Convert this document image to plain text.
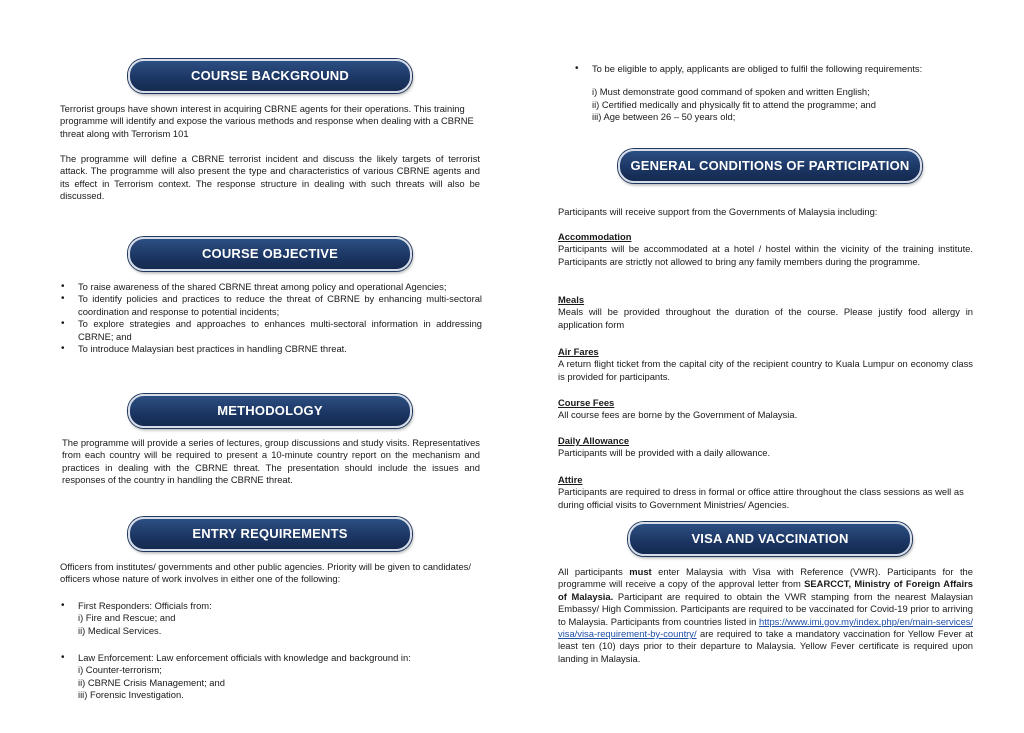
COURSE BACKGROUND

Terrorist groups have shown interest in acquiring CBRNE agents for their operations. This training programme will identify and expose the various methods and response when dealing with a CBRNE threat along with Terrorism 101

The programme will define a CBRNE terrorist incident and discuss the likely targets of terrorist attack. The programme will also present the type and characteristics of various CBRNE agents and its effect in Terrorism context. The response structure in dealing with such threats will also be discussed.

COURSE OBJECTIVE
• To raise awareness of the shared CBRNE threat among policy and operational Agencies;
• To identify policies and practices to reduce the threat of CBRNE by enhancing multi-sectoral coordination and response to potential incidents;
• To explore strategies and approaches to enhances multi-sectoral information in addressing CBRNE; and
• To introduce Malaysian best practices in handling CBRNE threat.
METHODOLOGY

The programme will provide a series of lectures, group discussions and study visits. Representatives from each country will be required to present a 10-minute country report on the mechanism and practices in dealing with the CBRNE threat. The presentation should include the issues and responses of the country in handling the CBRNE threat.

ENTRY REQUIREMENTS

Officers from institutes/ governments and other public agencies. Priority will be given to candidates/ officers whose nature of work involves in either one of the following:

• First Responders: Officials from:
i) Fire and Rescue; and
ii) Medical Services.
• Law Enforcement: Law enforcement officials with knowledge and background in:
i) Counter-terrorism;
ii) CBRNE Crisis Management; and
iii) Forensic Investigation.
• To be eligible to apply, applicants are obliged to fulfil the following requirements:
i) Must demonstrate good command of spoken and written English;
ii) Certified medically and physically fit to attend the programme; and
iii) Age between 26 – 50 years old;
GENERAL CONDITIONS OF PARTICIPATION

Participants will receive support from the Governments of Malaysia including:

Accommodation
Participants will be accommodated at a hotel / hostel within the vicinity of the training institute. Participants are strictly not allowed to bring any family members during the programme.
Meals
Meals will be provided throughout the duration of the course. Please justify food allergy in application form
Air Fares
A return flight ticket from the capital city of the recipient country to Kuala Lumpur on economy class is provided for participants.
Course Fees
All course fees are borne by the Government of Malaysia.
Daily Allowance
Participants will be provided with a daily allowance.
Attire
Participants are required to dress in formal or office attire throughout the class sessions as well as during official visits to Government Ministries/ Agencies.
VISA AND VACCINATION

All participants must enter Malaysia with Visa with Reference (VWR). Participants for the programme will receive a copy of the approval letter from SEARCCT, Ministry of Foreign Affairs of Malaysia. Participant are required to obtain the VWR stamping from the nearest Malaysian Embassy/ High Commission. Participants are required to be vaccinated for Covid-19 prior to arriving to Malaysia. Participants from countries listed in https://www.imi.gov.my/index.php/en/main-services/visa/visa-requirement-by-country/ are required to take a mandatory vaccination for Yellow Fever at least ten (10) days prior to their departure to Malaysia. Yellow Fever certificate is required upon landing in Malaysia.
